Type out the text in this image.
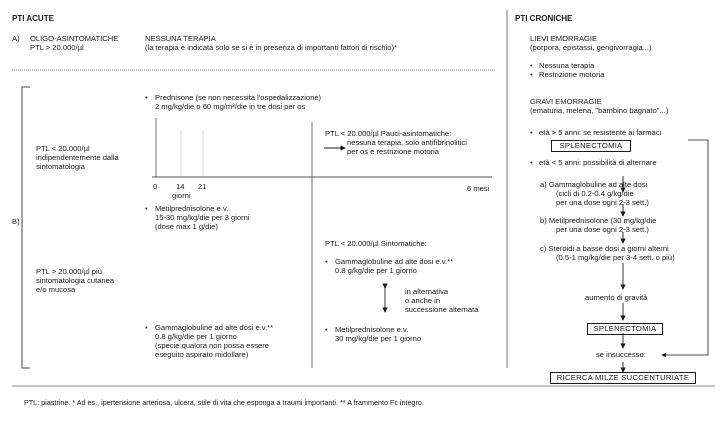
PTI ACUTE
A) OLIGO-ASINTOMATICHE
PTL > 20.000/µl
NESSUNA TERAPIA
(la terapia è indicata solo se si è in presenza di importanti fattori di rischio)*
B)
PTL < 20.000/µl
indipendentemente dalla
sintomatologia
PTL > 20.000/µl più
sintomatologia cutanea
e/o mucosa
• Prednisone (se non necessita l'ospedalizzazione)
2 mg/kg/die o 60 mg/m²/die in tre dosi per os
0 14 21
giorni
6 mesi
PTL < 20.000/µl Pauci-asintomatiche:
nessuna terapia, solo antifibrinolitici
per os e restrizione motoria
• Metilprednisolone e.v.
15-30 mg/kg/die per 3 giorni
(dose max 1 g/die)
PTL < 20.000/µl Sintomatiche:
• Gammaglobuline ad alte dosi e.v.**
0.8 g/kg/die per 1 giorno
in alternativa
o anche in
successione alternata
• Metilprednisolone e.v.
30 mg/kg/die per 1 giorno
• Gammaglobuline ad alte dosi e.v.**
0.8 g/kg/die per 1 giorno
(specie qualora non possa essere
eseguito aspirato midollare)
PTI CRONICHE
LIEVI EMORRAGIE
(porpora, epistassi, gengivorragia...)
• Nessuna terapia
• Restrizione motoria
GRAVI EMORRAGIE
(ematuria, melena, "bambino bagnato"...)
• età > 5 anni: se resistente ai farmaci
SPLENECTOMIA
• età < 5 anni: possibilità di alternare
a) Gammaglobuline ad alte dosi
(cicli di 0.2-0.4 g/kg/die
per una dose ogni 2-3 sett.)
b) Metilprednisolone (30 mg/kg/die
per una dose ogni 2-3 sett.)
c) Steroidi a basse dosi a giorni alterni
(0.5-1 mg/kg/die per 3-4 sett. o più)
aumento di gravità
SPLENECTOMIA
se insuccesso:
RICERCA MILZE SUCCENTURIATE
PTL: piastrine. * Ad es., ipertensione arteriosa, ulcera, stile di vita che esponga a traumi importanti. ** A frammento Fc integro.
